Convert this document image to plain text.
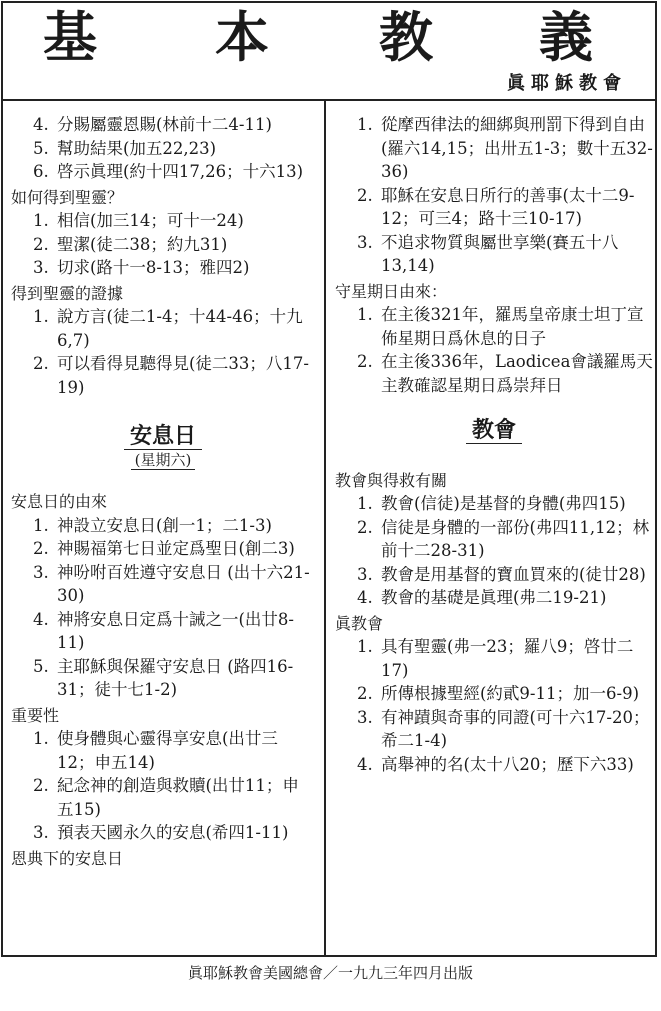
基 本 教 義
眞耶穌教會
4. 分賜屬靈恩賜(林前十二4-11)
5. 幫助結果(加五22,23)
6. 啓示眞理(約十四17,26；十六13)
如何得到聖靈？
1. 相信(加三14；可十一24)
2. 聖潔(徒二38；約九31)
3. 切求(路十一8-13；雅四2)
得到聖靈的證據
1. 說方言(徒二1-4；十44-46；十九6,7)
2. 可以看得見聽得見(徒二33；八17-19)
安息日
(星期六)
安息日的由來
1. 神設立安息日(創一1；二1-3)
2. 神賜福第七日並定爲聖日(創二3)
3. 神吩咐百姓遵守安息日 (出十六21-30)
4. 神將安息日定爲十誡之一(出廿8-11)
5. 主耶穌與保羅守安息日 (路四16-31；徒十七1-2)
重要性
1. 使身體與心靈得享安息(出廿三12；申五14)
2. 紀念神的創造與救贖(出廿11；申五15)
3. 預表天國永久的安息(希四1-11)
恩典下的安息日
1. 從摩西律法的細綁與刑罰下得到自由(羅六14,15；出卅五1-3；數十五32-36)
2. 耶穌在安息日所行的善事(太十二9-12；可三4；路十三10-17)
3. 不追求物質與屬世享樂(賽五十八13,14)
守星期日由來：
1. 在主後321年，羅馬皇帝康士坦丁宣佈星期日爲休息的日子
2. 在主後336年，Laodicea會議羅馬天主教確認星期日爲崇拜日
教會
教會與得救有關
1. 教會(信徒)是基督的身體(弗四15)
2. 信徒是身體的一部份(弗四11,12；林前十二28-31)
3. 教會是用基督的寶血買來的(徒廿28)
4. 教會的基礎是眞理(弗二19-21)
眞教會
1. 具有聖靈(弗一23；羅八9；啓廿二17)
2. 所傳根據聖經(約貳9-11；加一6-9)
3. 有神蹟與奇事的同證(可十六17-20；希二1-4)
4. 高舉神的名(太十八20；歷下六33)
眞耶穌教會美國總會／一九九三年四月出版
